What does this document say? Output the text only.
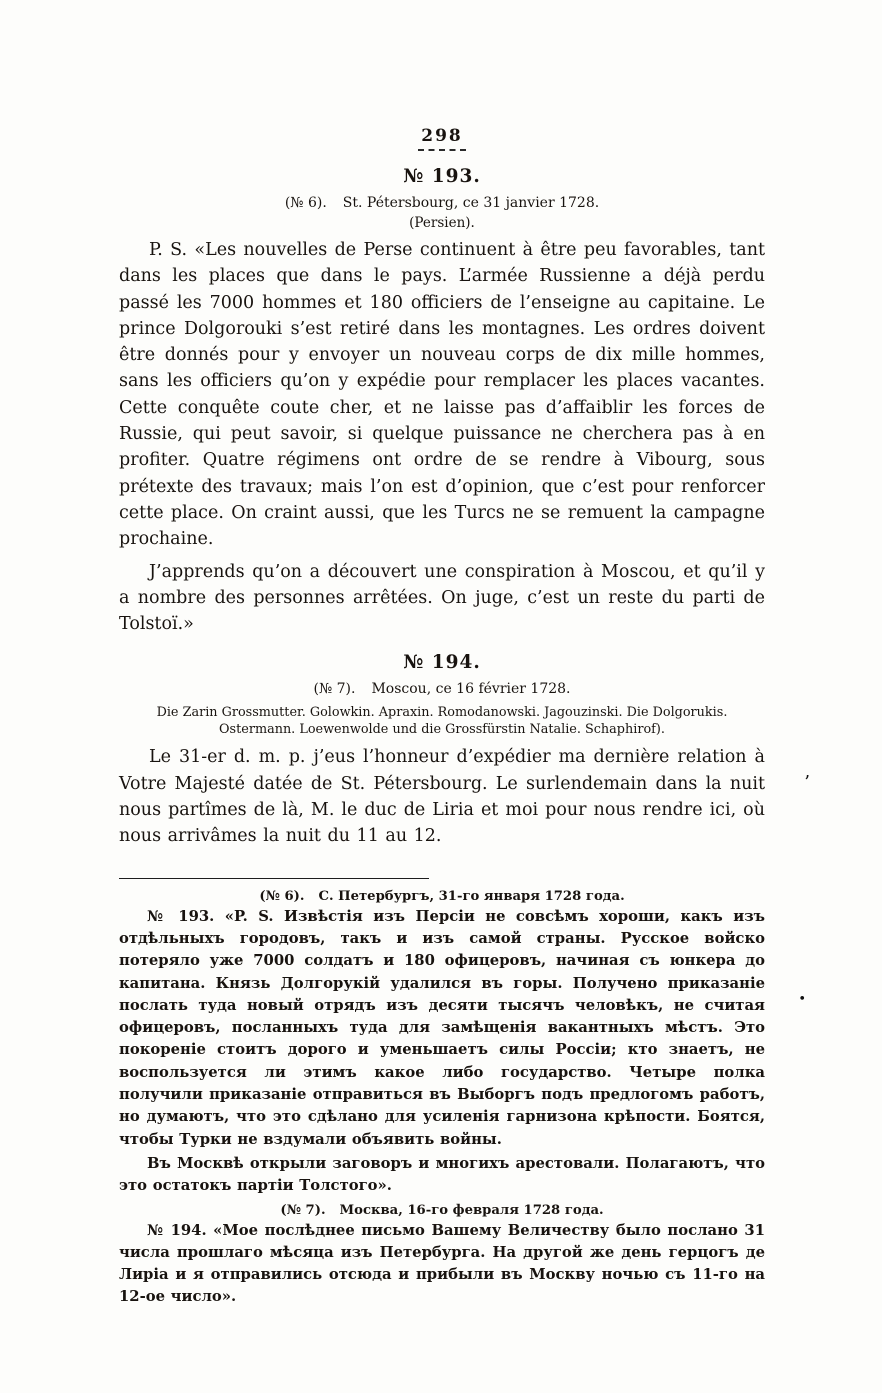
298
№ 193.
(№ 6). St. Pétersbourg, ce 31 janvier 1728.
(Persien).

P. S. «Les nouvelles de Perse continuent à être peu favorables, tant dans les places que dans le pays. L’armée Russienne a déjà perdu passé les 7000 hommes et 180 officiers de l’enseigne au capitaine. Le prince Dolgorouki s’est retiré dans les montagnes. Les ordres doivent être donnés pour y envoyer un nouveau corps de dix mille hommes, sans les officiers qu’on y expédie pour remplacer les places vacantes. Cette conquête coute cher, et ne laisse pas d’affaiblir les forces de Russie, qui peut savoir, si quelque puissance ne cherchera pas à en profiter. Quatre régimens ont ordre de se rendre à Vibourg, sous prétexte des travaux; mais l’on est d’opinion, que c’est pour renforcer cette place. On craint aussi, que les Turcs ne se remuent la campagne prochaine.

J’apprends qu’on a découvert une conspiration à Moscou, et qu’il y a nombre des personnes arrêtées. On juge, c’est un reste du parti de Tolstoï.»

№ 194.
(№ 7). Moscou, ce 16 février 1728.
Die Zarin Grossmutter. Golowkin. Apraxin. Romodanowski. Jagouzinski. Die Dolgorukis.
Ostermann. Loewenwolde und die Grossfürstin Natalie. Schaphirof).

Le 31-er d. m. p. j’eus l’honneur d’expédier ma dernière relation à Votre Majesté datée de St. Pétersbourg. Le surlendemain dans la nuit nous partîmes de là, M. le duc de Liria et moi pour nous rendre ici, où nous arrivâmes la nuit du 11 au 12.

(№ 6). С. Петербургъ, 31-го января 1728 года.

№ 193. «P. S. Извѣстія изъ Персіи не совсѣмъ хороши, какъ изъ отдѣльныхъ городовъ, такъ и изъ самой страны. Русское войско потеряло уже 7000 солдатъ и 180 офицеровъ, начиная съ юнкера до капитана. Князь Долгорукій удалился въ горы. Получено приказаніе послать туда новый отрядъ изъ десяти тысячъ человѣкъ, не считая офицеровъ, посланныхъ туда для замѣщенія вакантныхъ мѣстъ. Это покореніе стоитъ дорого и уменьшаетъ силы Россіи; кто знаетъ, не воспользуется ли этимъ какое либо государство. Четыре полка получили приказаніе отправиться въ Выборгъ подъ предлогомъ работъ, но думаютъ, что это сдѣлано для усиленія гарнизона крѣпости. Боятся, чтобы Турки не вздумали объявить войны.

Въ Москвѣ открыли заговоръ и многихъ арестовали. Полагаютъ, что это остатокъ партіи Толстого».

(№ 7). Москва, 16-го февраля 1728 года.

№ 194. «Мое послѣднее письмо Вашему Величеству было послано 31 числа прошлаго мѣсяца изъ Петербурга. На другой же день герцогъ де Лиріа и я отправились отсюда и прибыли въ Москву ночью съ 11-го на 12-ое число».

’
•
